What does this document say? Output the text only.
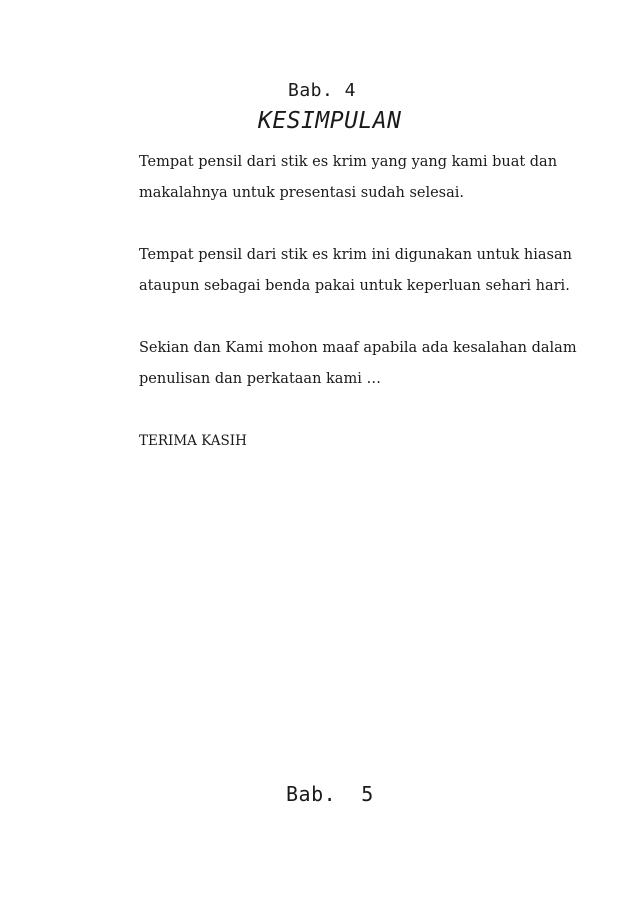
Bab. 4
KESIMPULAN

Tempat pensil dari stik es krim yang yang kami buat dan
makalahnya untuk presentasi sudah selesai.

Tempat pensil dari stik es krim ini digunakan untuk hiasan
ataupun sebagai benda pakai untuk keperluan sehari hari.

Sekian dan Kami mohon maaf apabila ada kesalahan dalam
penulisan dan perkataan kami …

TERIMA KASIH

Bab.  5
